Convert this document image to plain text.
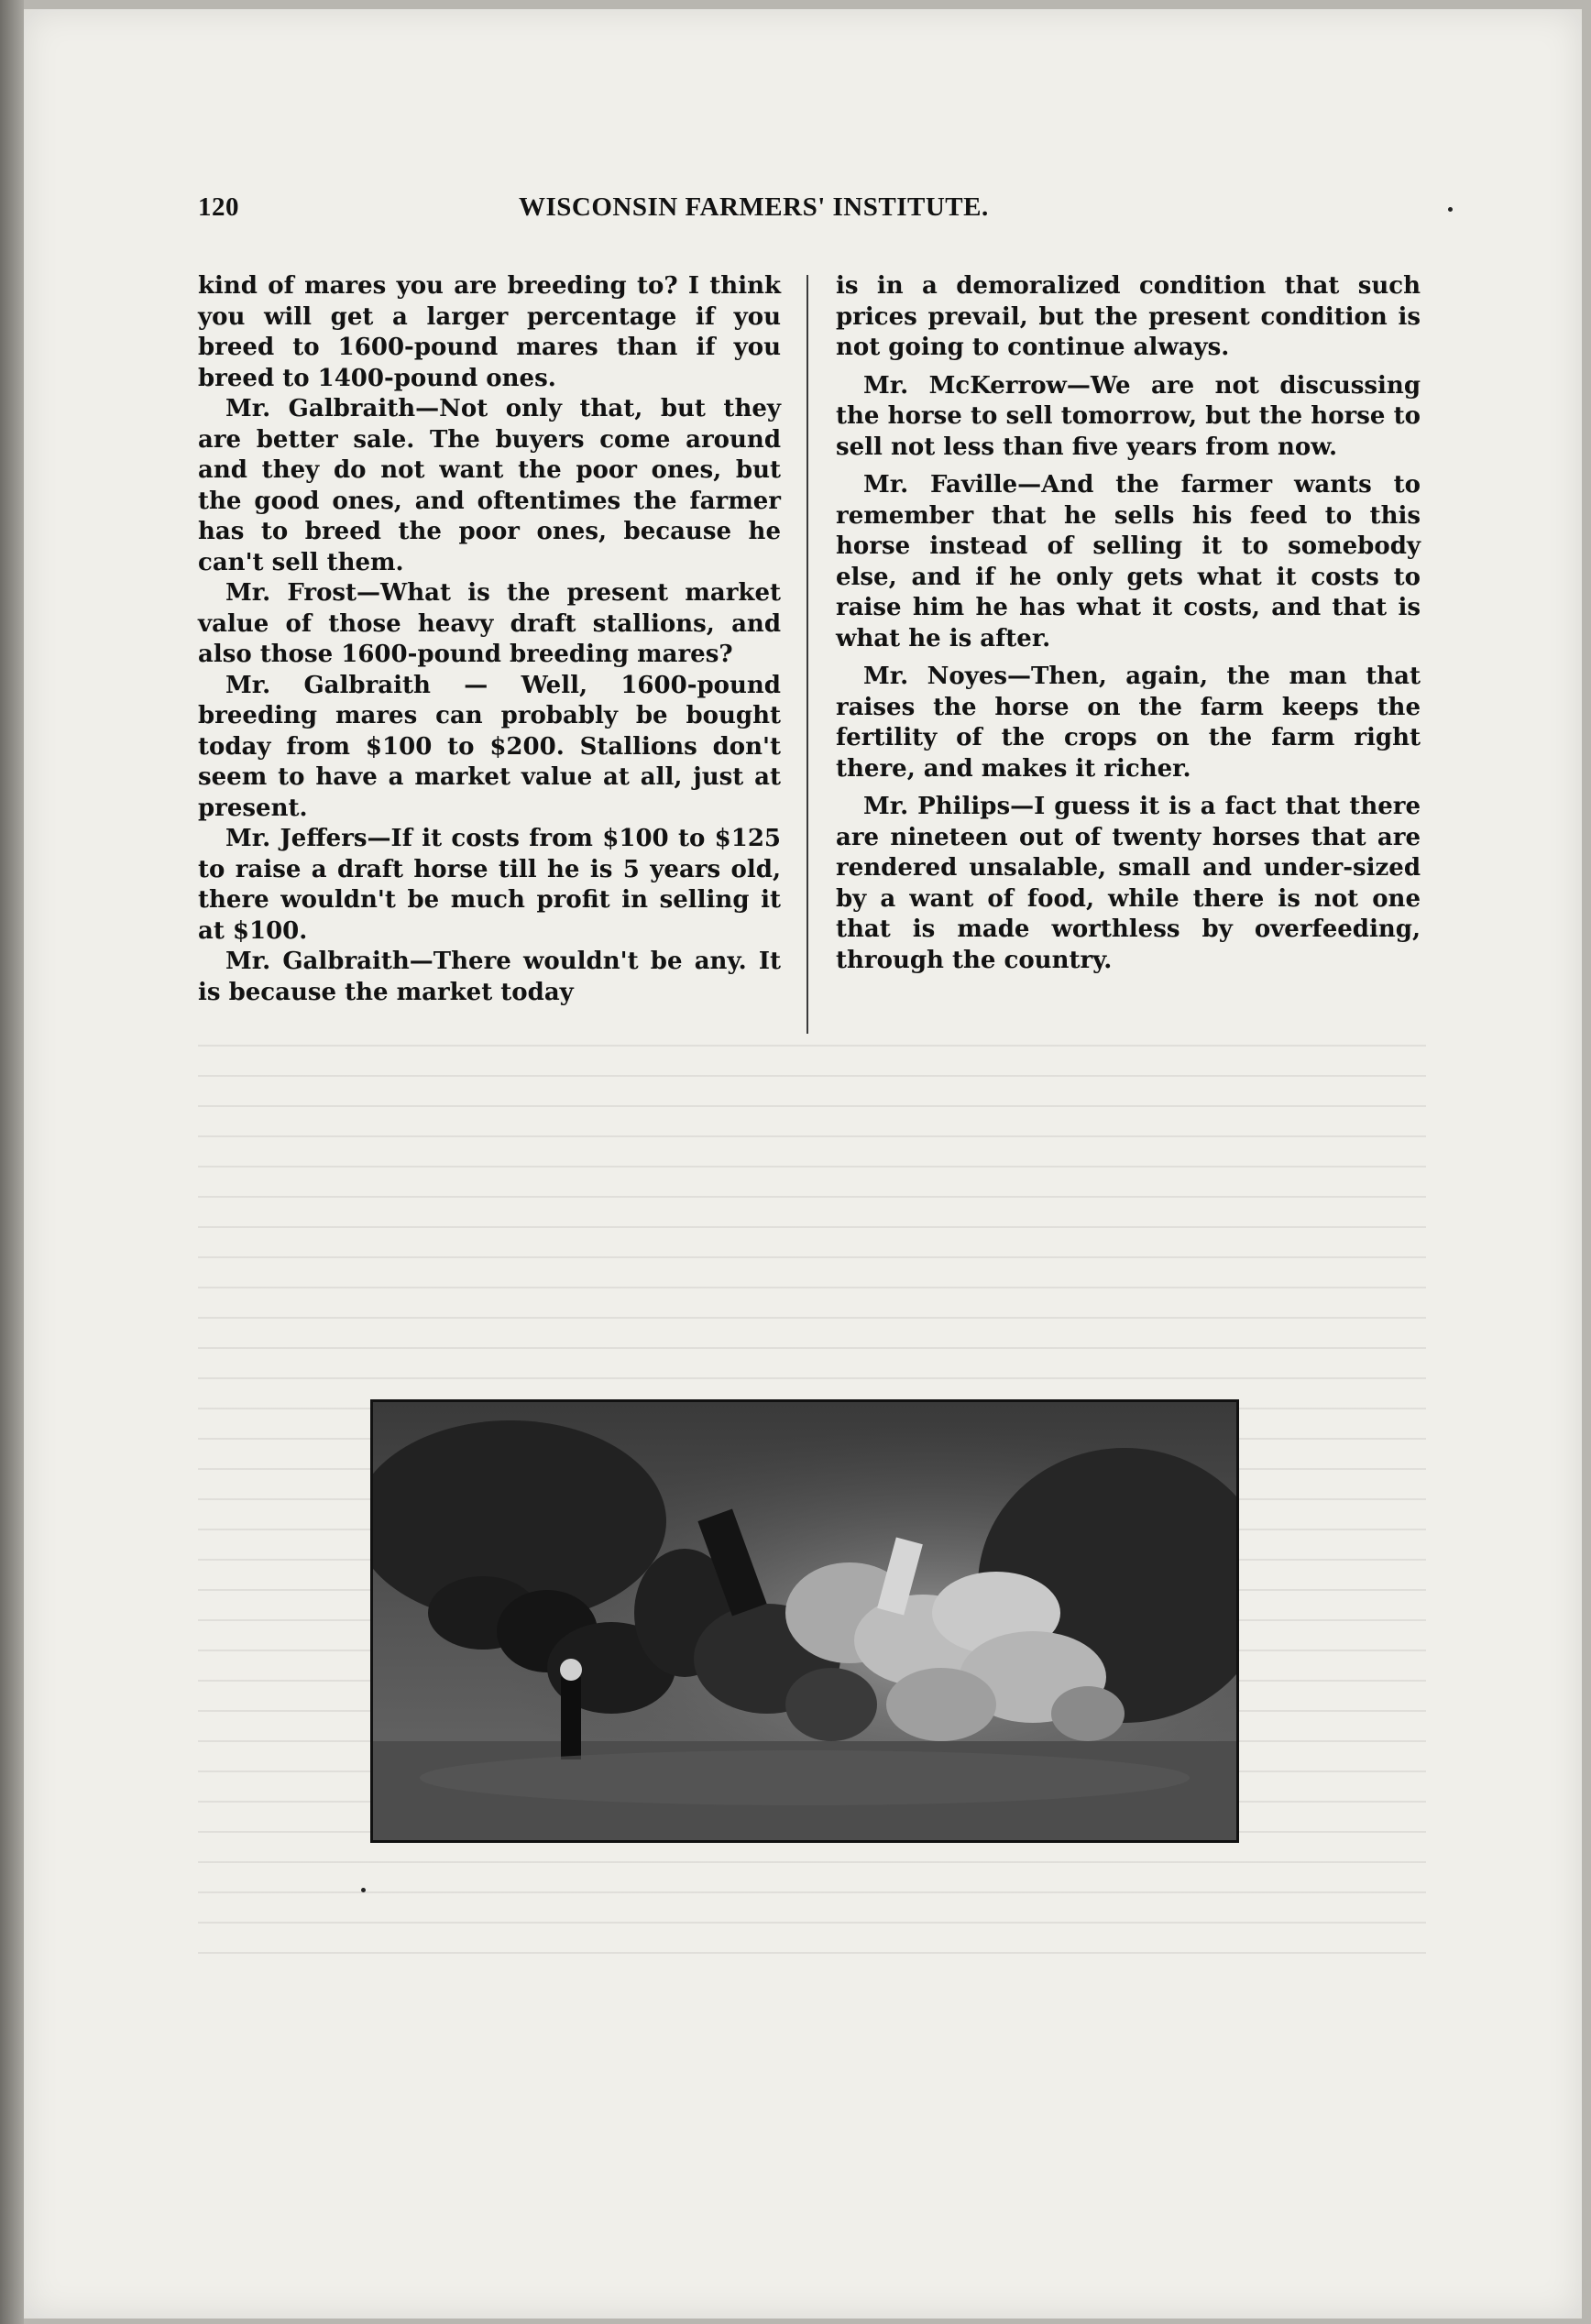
120	WISCONSIN FARMERS' INSTITUTE.

kind of mares you are breeding to? I think you will get a larger percentage if you breed to 1600-pound mares than if you breed to 1400-pound ones.

Mr. Galbraith—Not only that, but they are better sale. The buyers come around and they do not want the poor ones, but the good ones, and oftentimes the farmer has to breed the poor ones, because he can't sell them.

Mr. Frost—What is the present market value of those heavy draft stallions, and also those 1600-pound breeding mares?

Mr. Galbraith — Well, 1600-pound breeding mares can probably be bought today from $100 to $200. Stallions don't seem to have a market value at all, just at present.

Mr. Jeffers—If it costs from $100 to $125 to raise a draft horse till he is 5 years old, there wouldn't be much profit in selling it at $100.

Mr. Galbraith—There wouldn't be any. It is because the market today

is in a demoralized condition that such prices prevail, but the present condition is not going to continue always.

Mr. McKerrow—We are not discussing the horse to sell tomorrow, but the horse to sell not less than five years from now.

Mr. Faville—And the farmer wants to remember that he sells his feed to this horse instead of selling it to somebody else, and if he only gets what it costs to raise him he has what it costs, and that is what he is after.

Mr. Noyes—Then, again, the man that raises the horse on the farm keeps the fertility of the crops on the farm right there, and makes it richer.

Mr. Philips—I guess it is a fact that there are nineteen out of twenty horses that are rendered unsalable, small and under-sized by a want of food, while there is not one that is made worthless by overfeeding, through the country.
